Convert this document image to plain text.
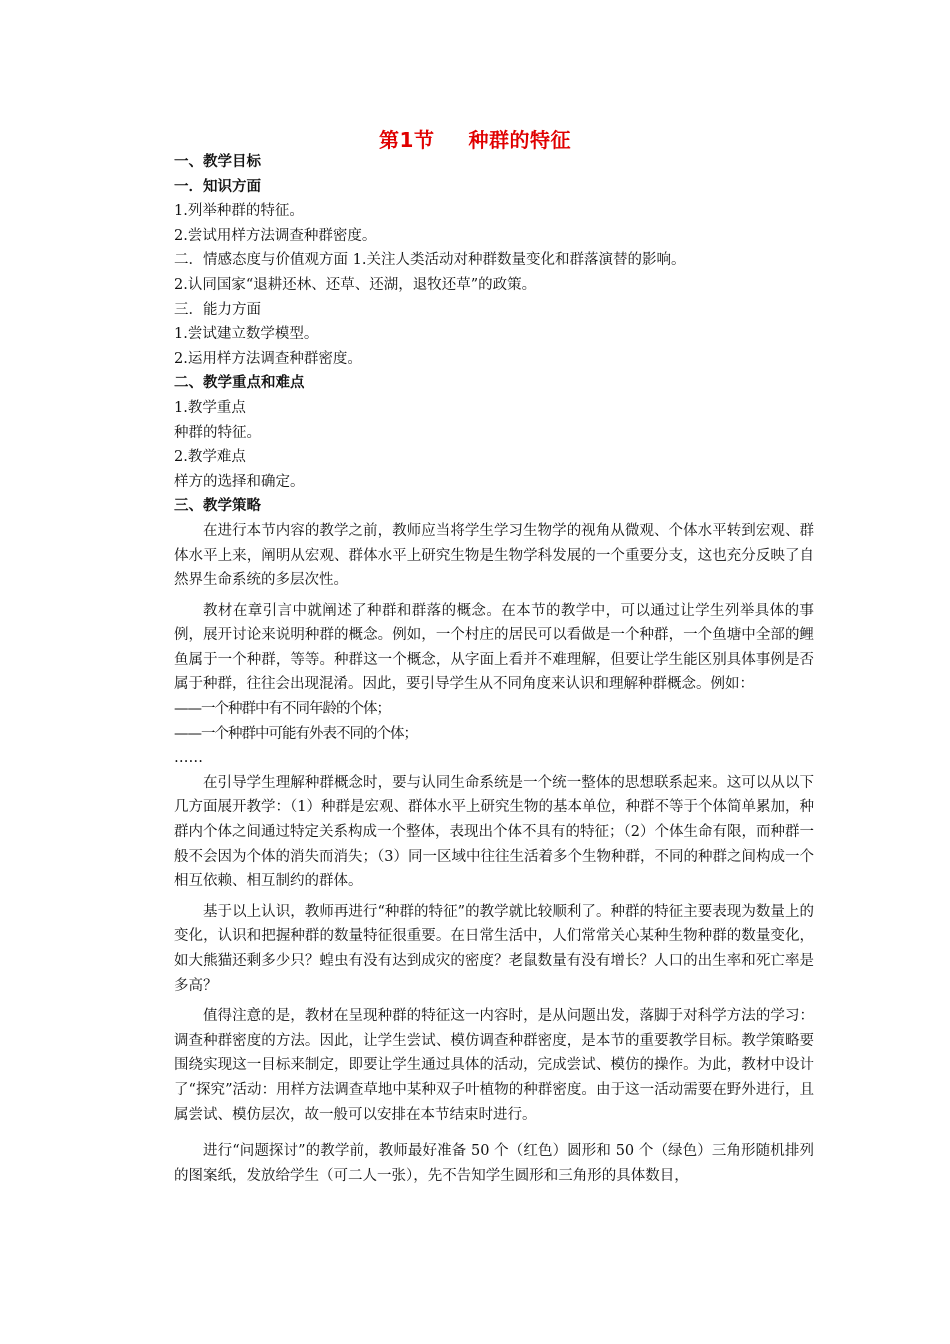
第1节 种群的特征

一、教学目标

一．知识方面

1.列举种群的特征。

2.尝试用样方法调查种群密度。

二．情感态度与价值观方面 1.关注人类活动对种群数量变化和群落演替的影响。

2.认同国家“退耕还林、还草、还湖，退牧还草”的政策。

三．能力方面

1.尝试建立数学模型。

2.运用样方法调查种群密度。

二、教学重点和难点

1.教学重点

种群的特征。

2.教学难点

样方的选择和确定。

三、教学策略

在进行本节内容的教学之前，教师应当将学生学习生物学的视角从微观、个体水平转到宏观、群体水平上来，阐明从宏观、群体水平上研究生物是生物学科发展的一个重要分支，这也充分反映了自然界生命系统的多层次性。

教材在章引言中就阐述了种群和群落的概念。在本节的教学中，可以通过让学生列举具体的事例，展开讨论来说明种群的概念。例如，一个村庄的居民可以看做是一个种群，一个鱼塘中全部的鲤鱼属于一个种群，等等。种群这一个概念，从字面上看并不难理解，但要让学生能区别具体事例是否属于种群，往往会出现混淆。因此，要引导学生从不同角度来认识和理解种群概念。例如：

——一个种群中有不同年龄的个体；

——一个种群中可能有外表不同的个体；

……

在引导学生理解种群概念时，要与认同生命系统是一个统一整体的思想联系起来。这可以从以下几方面展开教学：（1）种群是宏观、群体水平上研究生物的基本单位，种群不等于个体简单累加，种群内个体之间通过特定关系构成一个整体，表现出个体不具有的特征；（2）个体生命有限，而种群一般不会因为个体的消失而消失；（3）同一区域中往往生活着多个生物种群，不同的种群之间构成一个相互依赖、相互制约的群体。

基于以上认识，教师再进行“种群的特征”的教学就比较顺利了。种群的特征主要表现为数量上的变化，认识和把握种群的数量特征很重要。在日常生活中，人们常常关心某种生物种群的数量变化，如大熊猫还剩多少只？蝗虫有没有达到成灾的密度？老鼠数量有没有增长？人口的出生率和死亡率是多高？

值得注意的是，教材在呈现种群的特征这一内容时，是从问题出发，落脚于对科学方法的学习：调查种群密度的方法。因此，让学生尝试、模仿调查种群密度，是本节的重要教学目标。教学策略要围绕实现这一目标来制定，即要让学生通过具体的活动，完成尝试、模仿的操作。为此，教材中设计了“探究”活动：用样方法调查草地中某种双子叶植物的种群密度。由于这一活动需要在野外进行，且属尝试、模仿层次，故一般可以安排在本节结束时进行。

进行“问题探讨”的教学前，教师最好准备 50 个（红色）圆形和 50 个（绿色）三角形随机排列的图案纸，发放给学生（可二人一张），先不告知学生圆形和三角形的具体数目，
